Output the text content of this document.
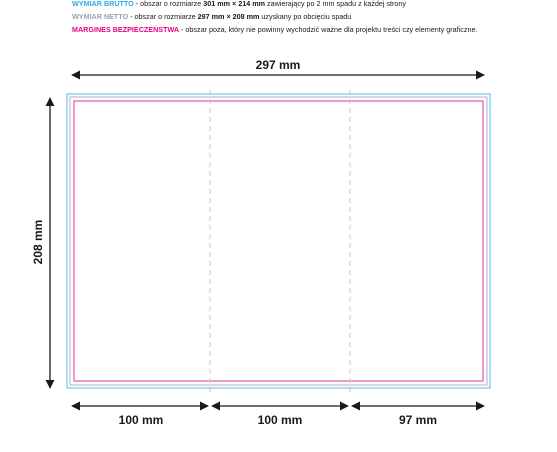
WYMIAR BRUTTO - obszar o rozmiarze 301 mm × 214 mm zawierający po 2 mm spadu z każdej strony
WYMIAR NETTO - obszar o rozmiarze 297 mm × 208 mm uzyskany po obcięciu spadu
MARGINES BEZPIECZEŃSTWA - obszar poza, który nie powinny wychodzić ważne dla projektu treści czy elementy graficzne.
297 mm
208 mm
100 mm	100 mm	97 mm
